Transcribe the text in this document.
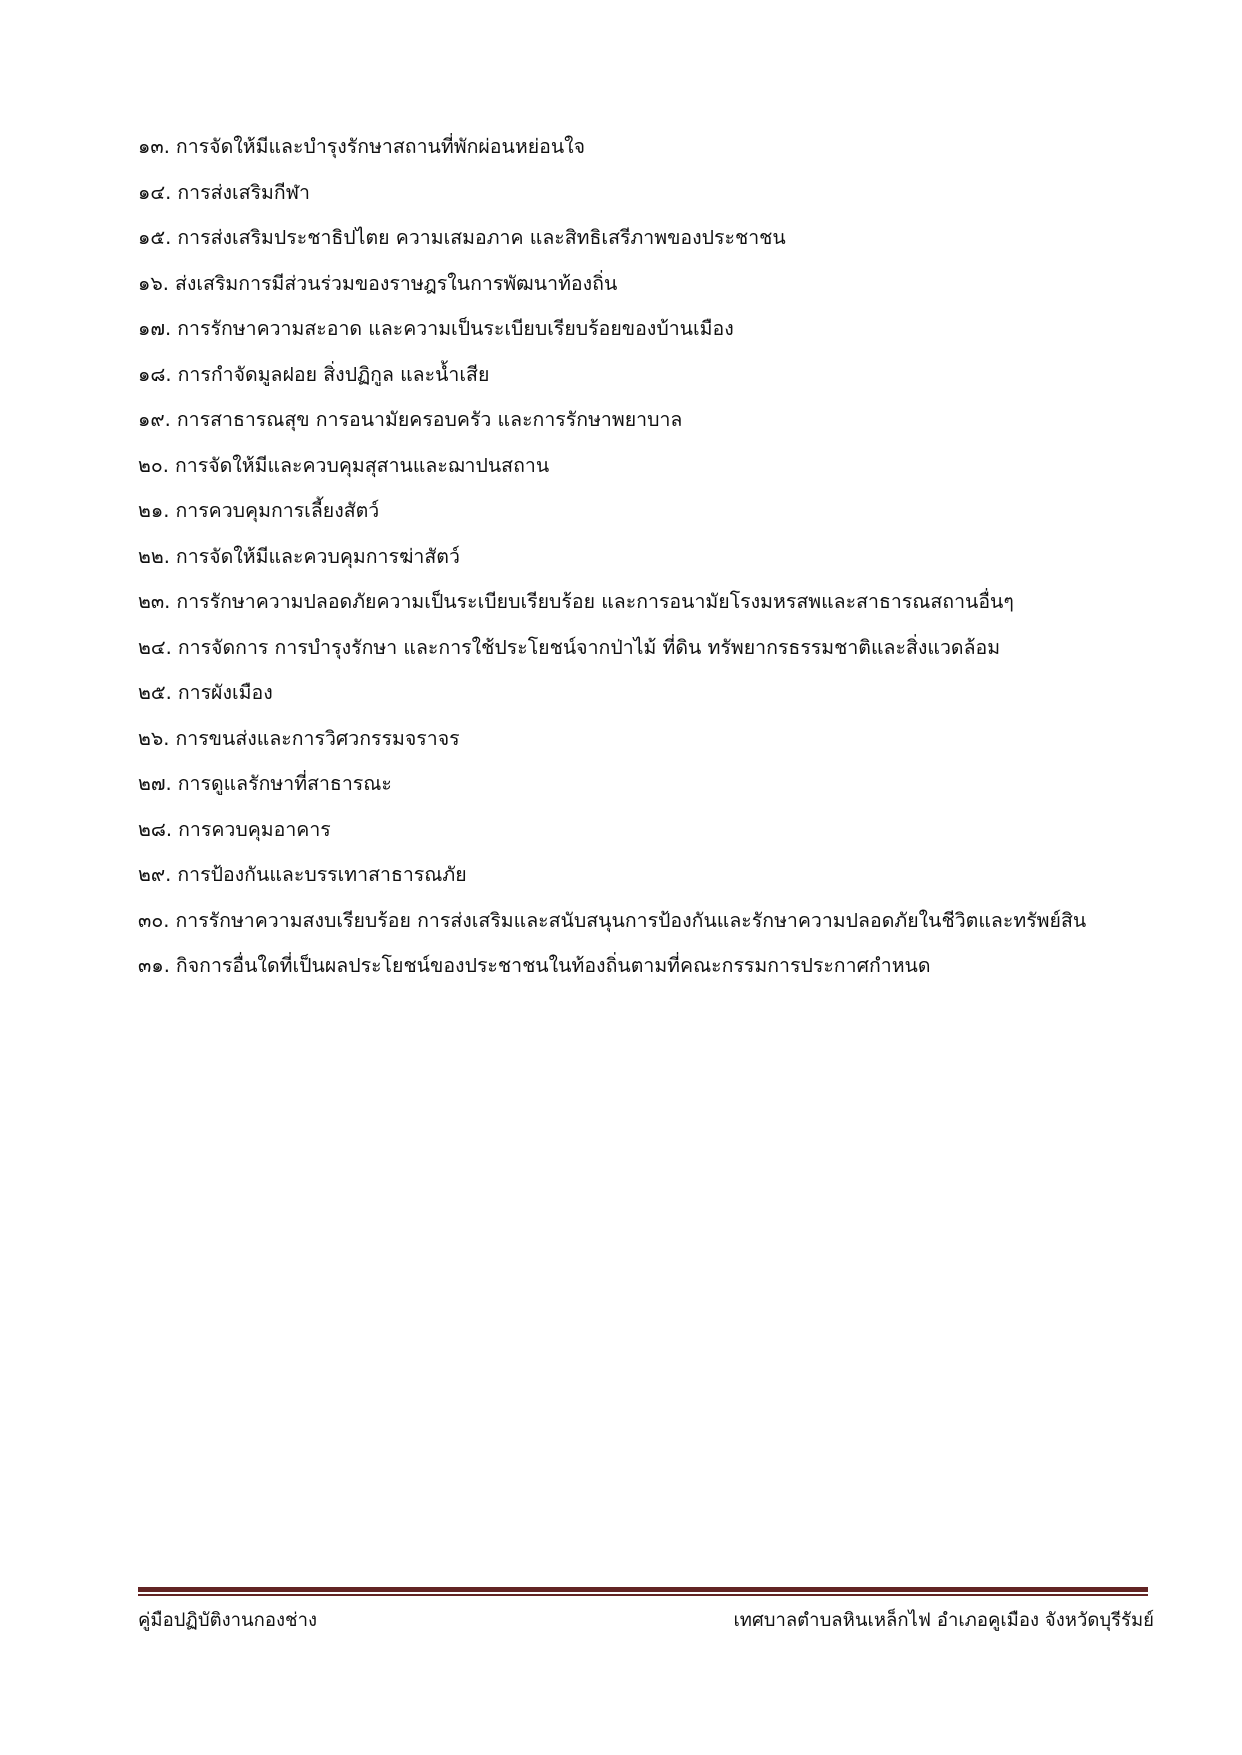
๑๓. การจัดให้มีและบำรุงรักษาสถานที่พักผ่อนหย่อนใจ
๑๔. การส่งเสริมกีฬา
๑๕. การส่งเสริมประชาธิปไตย ความเสมอภาค และสิทธิเสรีภาพของประชาชน
๑๖. ส่งเสริมการมีส่วนร่วมของราษฎรในการพัฒนาท้องถิ่น
๑๗. การรักษาความสะอาด และความเป็นระเบียบเรียบร้อยของบ้านเมือง
๑๘. การกำจัดมูลฝอย สิ่งปฏิกูล และน้ำเสีย
๑๙. การสาธารณสุข การอนามัยครอบครัว และการรักษาพยาบาล
๒๐. การจัดให้มีและควบคุมสุสานและฌาปนสถาน
๒๑. การควบคุมการเลี้ยงสัตว์
๒๒. การจัดให้มีและควบคุมการฆ่าสัตว์
๒๓. การรักษาความปลอดภัยความเป็นระเบียบเรียบร้อย และการอนามัยโรงมหรสพและสาธารณสถานอื่นๆ
๒๔. การจัดการ การบำรุงรักษา และการใช้ประโยชน์จากป่าไม้ ที่ดิน ทรัพยากรธรรมชาติและสิ่งแวดล้อม
๒๕. การผังเมือง
๒๖. การขนส่งและการวิศวกรรมจราจร
๒๗. การดูแลรักษาที่สาธารณะ
๒๘. การควบคุมอาคาร
๒๙. การป้องกันและบรรเทาสาธารณภัย
๓๐. การรักษาความสงบเรียบร้อย การส่งเสริมและสนับสนุนการป้องกันและรักษาความปลอดภัยในชีวิตและทรัพย์สิน
๓๑. กิจการอื่นใดที่เป็นผลประโยชน์ของประชาชนในท้องถิ่นตามที่คณะกรรมการประกาศกำหนด
คู่มือปฏิบัติงานกองช่าง	เทศบาลตำบลหินเหล็กไฟ อำเภอคูเมือง จังหวัดบุรีรัมย์
